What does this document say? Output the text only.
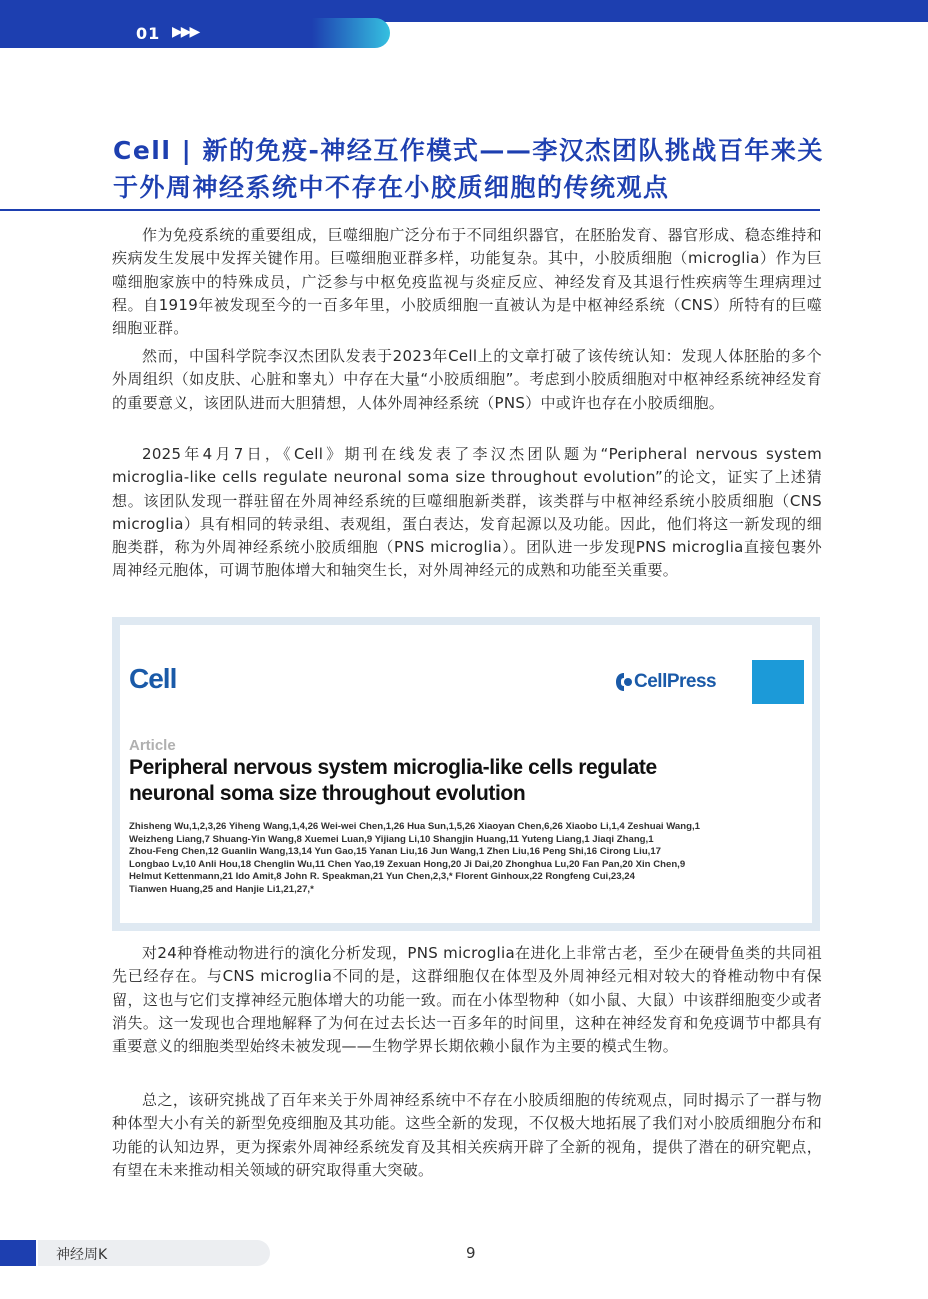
01 ▶▶▶
Cell | 新的免疫-神经互作模式——李汉杰团队挑战百年来关于外周神经系统中不存在小胶质细胞的传统观点

作为免疫系统的重要组成，巨噬细胞广泛分布于不同组织器官，在胚胎发育、器官形成、稳态维持和疾病发生发展中发挥关键作用。巨噬细胞亚群多样，功能复杂。其中，小胶质细胞（microglia）作为巨噬细胞家族中的特殊成员，广泛参与中枢免疫监视与炎症反应、神经发育及其退行性疾病等生理病理过程。自1919年被发现至今的一百多年里，小胶质细胞一直被认为是中枢神经系统（CNS）所特有的巨噬细胞亚群。

然而，中国科学院李汉杰团队发表于2023年Cell上的文章打破了该传统认知：发现人体胚胎的多个外周组织（如皮肤、心脏和睾丸）中存在大量“小胶质细胞”。考虑到小胶质细胞对中枢神经系统神经发育的重要意义，该团队进而大胆猜想，人体外周神经系统（PNS）中或许也存在小胶质细胞。

2025年4月7日，《Cell》期刊在线发表了李汉杰团队题为“Peripheral nervous system microglia-like cells regulate neuronal soma size throughout evolution”的论文，证实了上述猜想。该团队发现一群驻留在外周神经系统的巨噬细胞新类群，该类群与中枢神经系统小胶质细胞（CNS microglia）具有相同的转录组、表观组，蛋白表达，发育起源以及功能。因此，他们将这一新发现的细胞类群，称为外周神经系统小胶质细胞（PNS microglia）。团队进一步发现PNS microglia直接包裹外周神经元胞体，可调节胞体增大和轴突生长，对外周神经元的成熟和功能至关重要。

Cell	CellPress
Article
Peripheral nervous system microglia-like cells regulate neuronal soma size throughout evolution
Zhisheng Wu,1,2,3,26 Yiheng Wang,1,4,26 Wei-wei Chen,1,26 Hua Sun,1,5,26 Xiaoyan Chen,6,26 Xiaobo Li,1,4 Zeshuai Wang,1
Weizheng Liang,7 Shuang-Yin Wang,8 Xuemei Luan,9 Yijiang Li,10 Shangjin Huang,11 Yuteng Liang,1 Jiaqi Zhang,1
Zhou-Feng Chen,12 Guanlin Wang,13,14 Yun Gao,15 Yanan Liu,16 Jun Wang,1 Zhen Liu,16 Peng Shi,16 Cirong Liu,17
Longbao Lv,10 Anli Hou,18 Chenglin Wu,11 Chen Yao,19 Zexuan Hong,20 Ji Dai,20 Zhonghua Lu,20 Fan Pan,20 Xin Chen,9
Helmut Kettenmann,21 Ido Amit,8 John R. Speakman,21 Yun Chen,2,3,* Florent Ginhoux,22 Rongfeng Cui,23,24
Tianwen Huang,25 and Hanjie Li1,21,27,*

对24种脊椎动物进行的演化分析发现，PNS microglia在进化上非常古老，至少在硬骨鱼类的共同祖先已经存在。与CNS microglia不同的是，这群细胞仅在体型及外周神经元相对较大的脊椎动物中有保留，这也与它们支撑神经元胞体增大的功能一致。而在小体型物种（如小鼠、大鼠）中该群细胞变少或者消失。这一发现也合理地解释了为何在过去长达一百多年的时间里，这种在神经发育和免疫调节中都具有重要意义的细胞类型始终未被发现——生物学界长期依赖小鼠作为主要的模式生物。

总之，该研究挑战了百年来关于外周神经系统中不存在小胶质细胞的传统观点，同时揭示了一群与物种体型大小有关的新型免疫细胞及其功能。这些全新的发现，不仅极大地拓展了我们对小胶质细胞分布和功能的认知边界，更为探索外周神经系统发育及其相关疾病开辟了全新的视角，提供了潜在的研究靶点，有望在未来推动相关领域的研究取得重大突破。

神经周K	9
